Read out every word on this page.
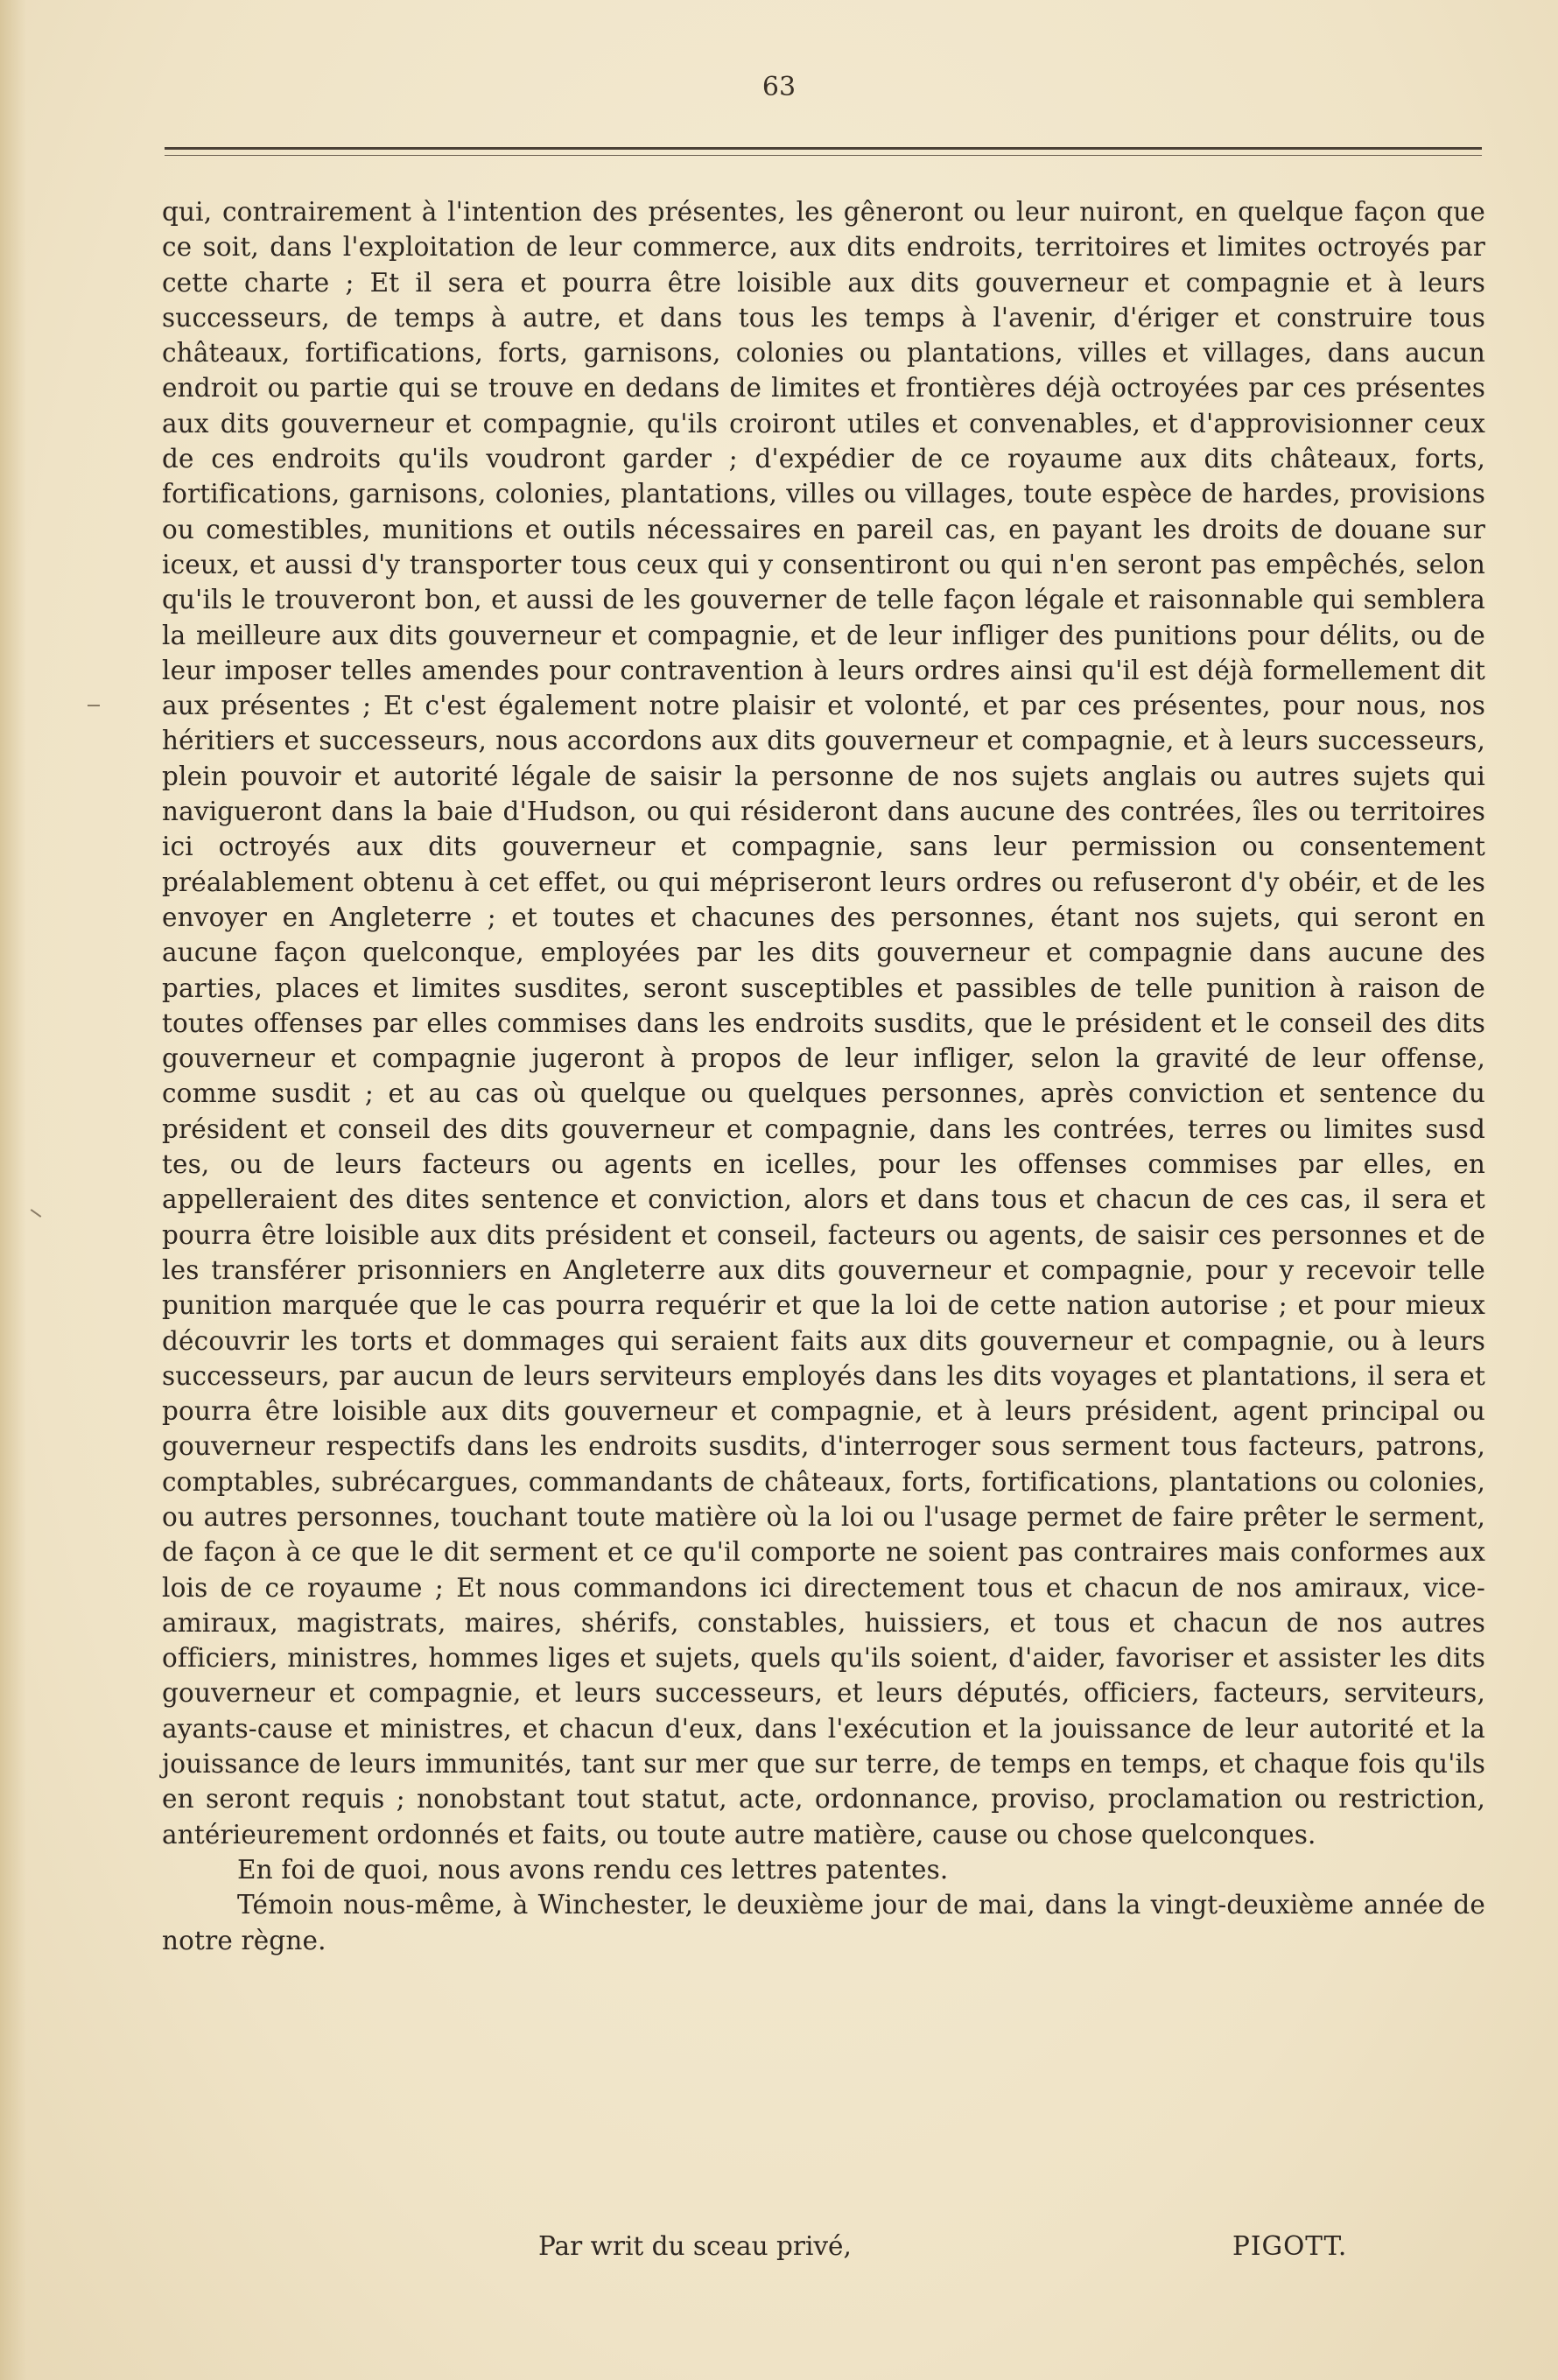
63

qui, contrairement à l'intention des présentes, les gêneront ou leur nuiront, en quelque façon que ce soit, dans l'exploitation de leur commerce, aux dits endroits, territoires et limites octroyés par cette charte ; Et il sera et pourra être loisible aux dits gouverneur et compagnie et à leurs successeurs, de temps à autre, et dans tous les temps à l'avenir, d'ériger et construire tous châteaux, fortifications, forts, garnisons, colonies ou plantations, villes et villages, dans aucun endroit ou partie qui se trouve en dedans de limites et frontières déjà octroyées par ces présentes aux dits gouverneur et compagnie, qu'ils croiront utiles et convenables, et d'approvisionner ceux de ces endroits qu'ils voudront garder ; d'expédier de ce royaume aux dits châteaux, forts, fortifications, garnisons, colonies, plantations, villes ou villages, toute espèce de hardes, provisions ou comestibles, munitions et outils nécessaires en pareil cas, en payant les droits de douane sur iceux, et aussi d'y transporter tous ceux qui y consentiront ou qui n'en seront pas empêchés, selon qu'ils le trouveront bon, et aussi de les gouverner de telle façon légale et raisonnable qui semblera la meilleure aux dits gouverneur et compagnie, et de leur infliger des punitions pour délits, ou de leur imposer telles amendes pour contravention à leurs ordres ainsi qu'il est déjà formellement dit aux présentes ; Et c'est également notre plaisir et volonté, et par ces présentes, pour nous, nos héritiers et successeurs, nous accordons aux dits gouverneur et compagnie, et à leurs successeurs, plein pouvoir et autorité légale de saisir la personne de nos sujets anglais ou autres sujets qui navigueront dans la baie d'Hudson, ou qui résideront dans aucune des contrées, îles ou territoires ici octroyés aux dits gouverneur et compagnie, sans leur permission ou consentement préalablement obtenu à cet effet, ou qui mépriseront leurs ordres ou refuseront d'y obéir, et de les envoyer en Angleterre ; et toutes et chacunes des personnes, étant nos sujets, qui seront en aucune façon quelconque, employées par les dits gouverneur et compagnie dans aucune des parties, places et limites susdites, seront susceptibles et passibles de telle punition à raison de toutes offenses par elles commises dans les endroits susdits, que le président et le conseil des dits gouverneur et compagnie jugeront à propos de leur infliger, selon la gravité de leur offense, comme susdit ; et au cas où quelque ou quelques personnes, après conviction et sentence du président et conseil des dits gouverneur et compagnie, dans les contrées, terres ou limites susd tes, ou de leurs facteurs ou agents en icelles, pour les offenses commises par elles, en appelleraient des dites sentence et conviction, alors et dans tous et chacun de ces cas, il sera et pourra être loisible aux dits président et conseil, facteurs ou agents, de saisir ces personnes et de les transférer prisonniers en Angleterre aux dits gouverneur et compagnie, pour y recevoir telle punition marquée que le cas pourra requérir et que la loi de cette nation autorise ; et pour mieux découvrir les torts et dommages qui seraient faits aux dits gouverneur et compagnie, ou à leurs successeurs, par aucun de leurs serviteurs employés dans les dits voyages et plantations, il sera et pourra être loisible aux dits gouverneur et compagnie, et à leurs président, agent principal ou gouverneur respectifs dans les endroits susdits, d'interroger sous serment tous facteurs, patrons, comptables, subrécargues, commandants de châteaux, forts, fortifications, plantations ou colonies, ou autres personnes, touchant toute matière où la loi ou l'usage permet de faire prêter le serment, de façon à ce que le dit serment et ce qu'il comporte ne soient pas contraires mais conformes aux lois de ce royaume ; Et nous commandons ici directement tous et chacun de nos amiraux, vice-amiraux, magistrats, maires, shérifs, constables, huissiers, et tous et chacun de nos autres officiers, ministres, hommes liges et sujets, quels qu'ils soient, d'aider, favoriser et assister les dits gouverneur et compagnie, et leurs successeurs, et leurs députés, officiers, facteurs, serviteurs, ayants-cause et ministres, et chacun d'eux, dans l'exécution et la jouissance de leur autorité et la jouissance de leurs immunités, tant sur mer que sur terre, de temps en temps, et chaque fois qu'ils en seront requis ; nonobstant tout statut, acte, ordonnance, proviso, proclamation ou restriction, antérieurement ordonnés et faits, ou toute autre matière, cause ou chose quelconques.

En foi de quoi, nous avons rendu ces lettres patentes.

Témoin nous-même, à Winchester, le deuxième jour de mai, dans la vingt-deuxième année de notre règne.

Par writ du sceau privé,	PIGOTT.
